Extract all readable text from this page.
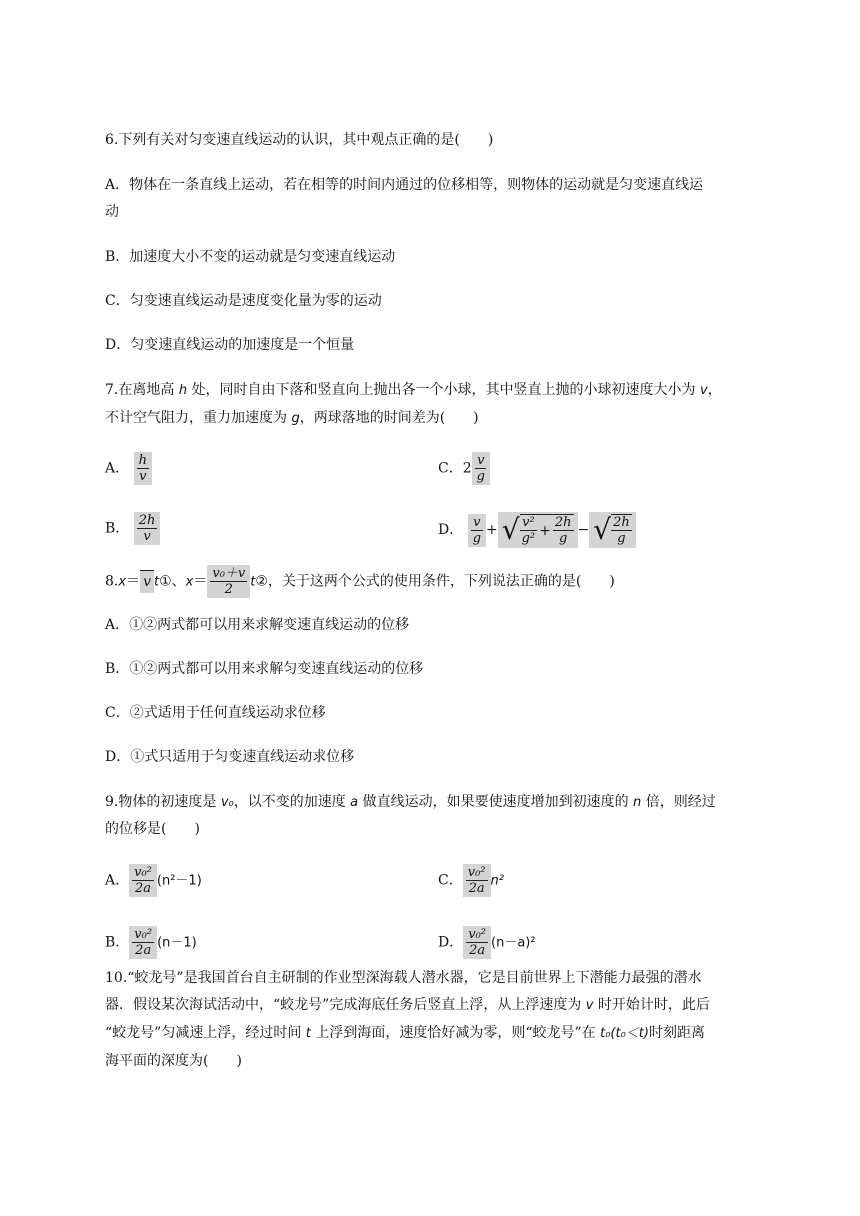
6.下列有关对匀变速直线运动的认识，其中观点正确的是(　　)
A．物体在一条直线上运动，若在相等的时间内通过的位移相等，则物体的运动就是匀变速直线运
动
B．加速度大小不变的运动就是匀变速直线运动
C．匀变速直线运动是速度变化量为零的运动
D．匀变速直线运动的加速度是一个恒量
7.在离地高 h 处，同时自由下落和竖直向上抛出各一个小球，其中竖直上抛的小球初速度大小为 v，
不计空气阻力，重力加速度为 g，两球落地的时间差为(　　)
A． $\frac{h}{v}$	C．$2 \frac{v}{g}$
B． $\frac{2h}{v}$	D． $\frac{v}{g}$ + √ $\frac{\text{v²}}{\text{g²}} + \frac{2h}{g}$ − √ $\frac{2h}{g}$
8.x＝ v t①、$x= \frac{\text{v₀＋v}}{2}$ t②，关于这两个公式的使用条件，下列说法正确的是(　　)
A．①②两式都可以用来求解变速直线运动的位移
B．①②两式都可以用来求解匀变速直线运动的位移
C．②式适用于任何直线运动求位移
D．①式只适用于匀变速直线运动求位移
9.物体的初速度是 v₀，以不变的加速度 a 做直线运动，如果要使速度增加到初速度的 n 倍，则经过
的位移是(　　)
A． $\frac{\text{v₀²}}{2a} (n^2-1)$	C． $\frac{\text{v₀²}}{2a} n^2$
B． $\frac{\text{v₀²}}{2a} (n-1)$	D． $\frac{\text{v₀²}}{2a} (n-a)^2$
10.“蛟龙号”是我国首台自主研制的作业型深海载人潜水器，它是目前世界上下潜能力最强的潜水
器．假设某次海试活动中，“蛟龙号”完成海底任务后竖直上浮，从上浮速度为 v 时开始计时，此后
“蛟龙号”匀减速上浮，经过时间 t 上浮到海面，速度恰好减为零，则“蛟龙号”在 t₀(t₀＜t)时刻距离
海平面的深度为(　　)
